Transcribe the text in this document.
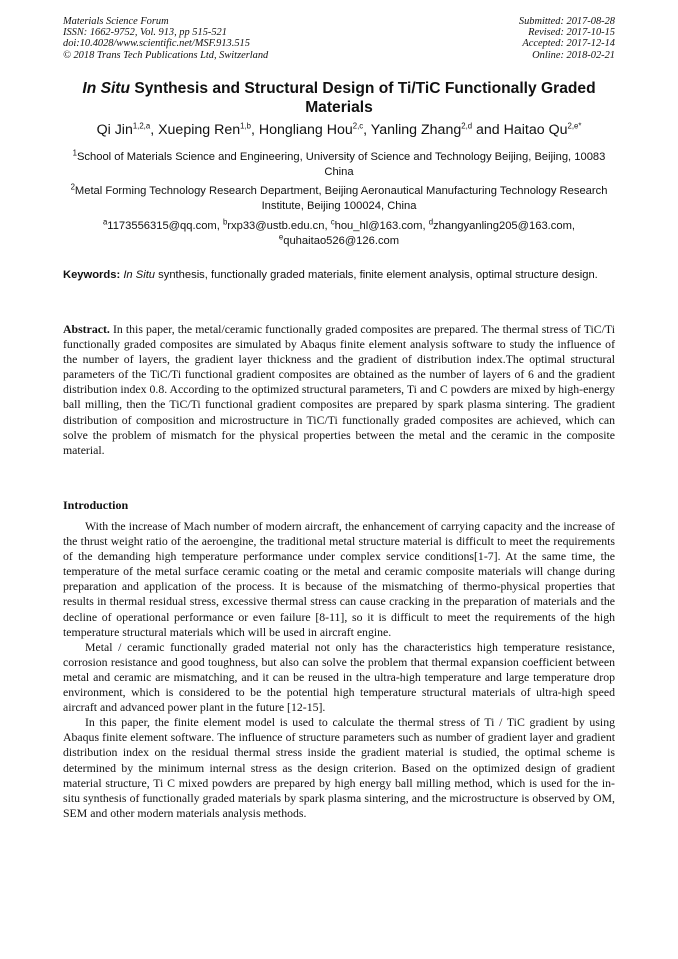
Materials Science Forum
ISSN: 1662-9752, Vol. 913, pp 515-521
doi:10.4028/www.scientific.net/MSF.913.515
© 2018 Trans Tech Publications Ltd, Switzerland
Submitted: 2017-08-28
Revised: 2017-10-15
Accepted: 2017-12-14
Online: 2018-02-21
In Situ Synthesis and Structural Design of Ti/TiC Functionally Graded Materials
Qi Jin$^{1,2,a}$, Xueping Ren$^{1,b}$, Hongliang Hou$^{2,c}$, Yanling Zhang$^{2,d}$ and Haitao $Qu^{2,e*}$
$^1$School of Materials Science and Engineering, University of Science and Technology Beijing, Beijing, 10083 China
$^2$Metal Forming Technology Research Department, Beijing Aeronautical Manufacturing Technology Research Institute, Beijing 100024, China
$^a$1173556315@qq.com, $^b$rxp33@ustb.edu.cn, $^c$hou_hl@163.com, $^d$zhangyanling205@163.com,
$^e$quhaitao526@126.com
Keywords: In Situ synthesis, functionally graded materials, finite element analysis, optimal structure design.

Abstract. In this paper, the metal/ceramic functionally graded composites are prepared. The thermal stress of TiC/Ti functionally graded composites are simulated by Abaqus finite element analysis software to study the influence of the number of layers, the gradient layer thickness and the gradient of distribution index.The optimal structural parameters of the TiC/Ti functional gradient composites are obtained as the number of layers of 6 and the gradient distribution index 0.8. According to the optimized structural parameters, Ti and C powders are mixed by high-energy ball milling, then the TiC/Ti functional gradient composites are prepared by spark plasma sintering. The gradient distribution of composition and microstructure in TiC/Ti functionally graded composites are achieved, which can solve the problem of mismatch for the physical properties between the metal and the ceramic in the composite material.

Introduction

With the increase of Mach number of modern aircraft, the enhancement of carrying capacity and the increase of the thrust weight ratio of the aeroengine, the traditional metal structure material is difficult to meet the requirements of the demanding high temperature performance under complex service conditions[1-7]. At the same time, the temperature of the metal surface ceramic coating or the metal and ceramic composite materials will change during preparation and application of the process. It is because of the mismatching of thermo-physical properties that results in thermal residual stress, excessive thermal stress can cause cracking in the preparation of materials and the decline of operational performance or even failure [8-11], so it is difficult to meet the requirements of the high temperature structural materials which will be used in aircraft engine.

Metal / ceramic functionally graded material not only has the characteristics high temperature resistance, corrosion resistance and good toughness, but also can solve the problem that thermal expansion coefficient between metal and ceramic are mismatching, and it can be reused in the ultra-high temperature and large temperature drop environment, which is considered to be the potential high temperature structural materials of ultra-high speed aircraft and advanced power plant in the future [12-15].

In this paper, the finite element model is used to calculate the thermal stress of Ti / TiC gradient by using Abaqus finite element software. The influence of structure parameters such as number of gradient layer and gradient distribution index on the residual thermal stress inside the gradient material is studied, the optimal scheme is determined by the minimum internal stress as the design criterion. Based on the optimized design of gradient material structure, Ti C mixed powders are prepared by high energy ball milling method, which is used for the in-situ synthesis of functionally graded materials by spark plasma sintering, and the microstructure is observed by OM, SEM and other modern materials analysis methods.
